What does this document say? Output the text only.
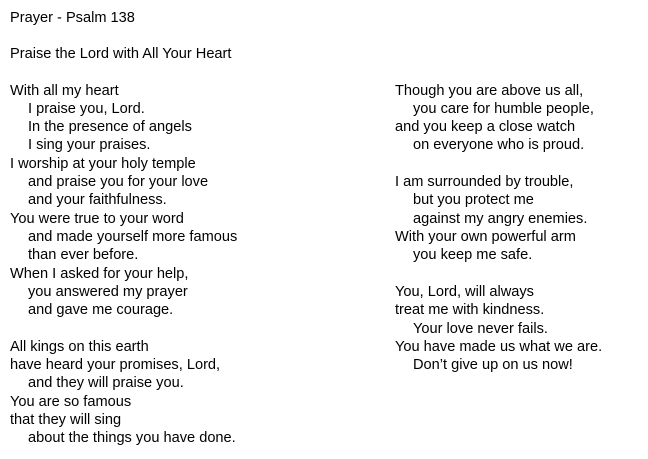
Prayer - Psalm 138
Praise the Lord with All Your Heart
With all my heart
I praise you, Lord.
In the presence of angels
I sing your praises.
I worship at your holy temple
and praise you for your love
and your faithfulness.
You were true to your word
and made yourself more famous
than ever before.
When I asked for your help,
you answered my prayer
and gave me courage.
All kings on this earth
have heard your promises, Lord,
and they will praise you.
You are so famous
that they will sing
about the things you have done.
Though you are above us all,
you care for humble people,
and you keep a close watch
on everyone who is proud.
I am surrounded by trouble,
but you protect me
against my angry enemies.
With your own powerful arm
you keep me safe.
You, Lord, will always
treat me with kindness.
Your love never fails.
You have made us what we are.
Don’t give up on us now!
